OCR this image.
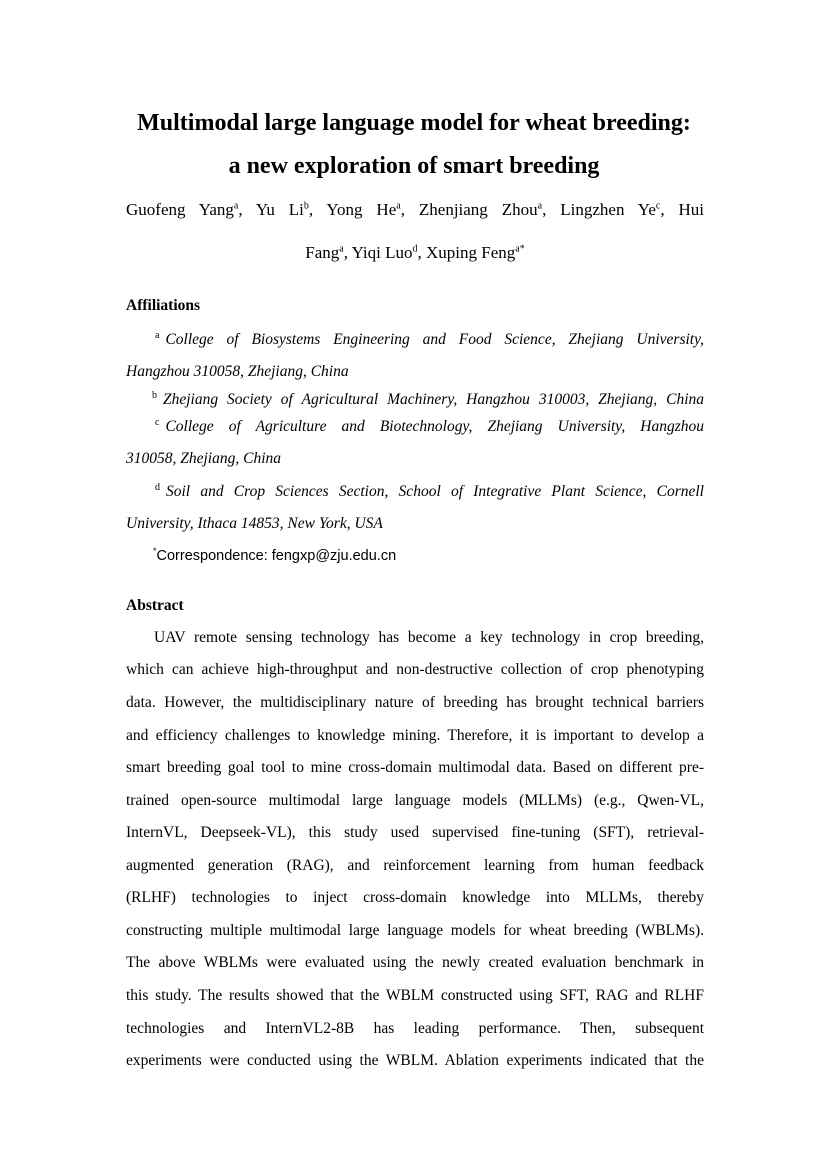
Multimodal large language model for wheat breeding:
a new exploration of smart breeding
Guofeng Yang$^a$, Yu Li$^b$, Yong He$^a$, Zhenjiang Zhou$^a$, Lingzhen Ye$^c$, Hui
Fang$^a$, Yiqi Luo$^d$, Xuping Feng$^{a*}$
Affiliations
$^a$ College of Biosystems Engineering and Food Science, Zhejiang University,
Hangzhou 310058, Zhejiang, China
$^b$ Zhejiang Society of Agricultural Machinery, Hangzhou 310003, Zhejiang, China
$^c$ College of Agriculture and Biotechnology, Zhejiang University, Hangzhou
310058, Zhejiang, China
$^d$ Soil and Crop Sciences Section, School of Integrative Plant Science, Cornell
University, Ithaca 14853, New York, USA
*Correspondence: fengxp@zju.edu.cn
Abstract
UAV remote sensing technology has become a key technology in crop breeding,
which can achieve high-throughput and non-destructive collection of crop phenotyping
data. However, the multidisciplinary nature of breeding has brought technical barriers
and efficiency challenges to knowledge mining. Therefore, it is important to develop a
smart breeding goal tool to mine cross-domain multimodal data. Based on different pre-
trained open-source multimodal large language models (MLLMs) (e.g., Qwen-VL,
InternVL, Deepseek-VL), this study used supervised fine-tuning (SFT), retrieval-
augmented generation (RAG), and reinforcement learning from human feedback
(RLHF) technologies to inject cross-domain knowledge into MLLMs, thereby
constructing multiple multimodal large language models for wheat breeding (WBLMs).
The above WBLMs were evaluated using the newly created evaluation benchmark in
this study. The results showed that the WBLM constructed using SFT, RAG and RLHF
technologies and InternVL2-8B has leading performance. Then, subsequent
experiments were conducted using the WBLM. Ablation experiments indicated that the
